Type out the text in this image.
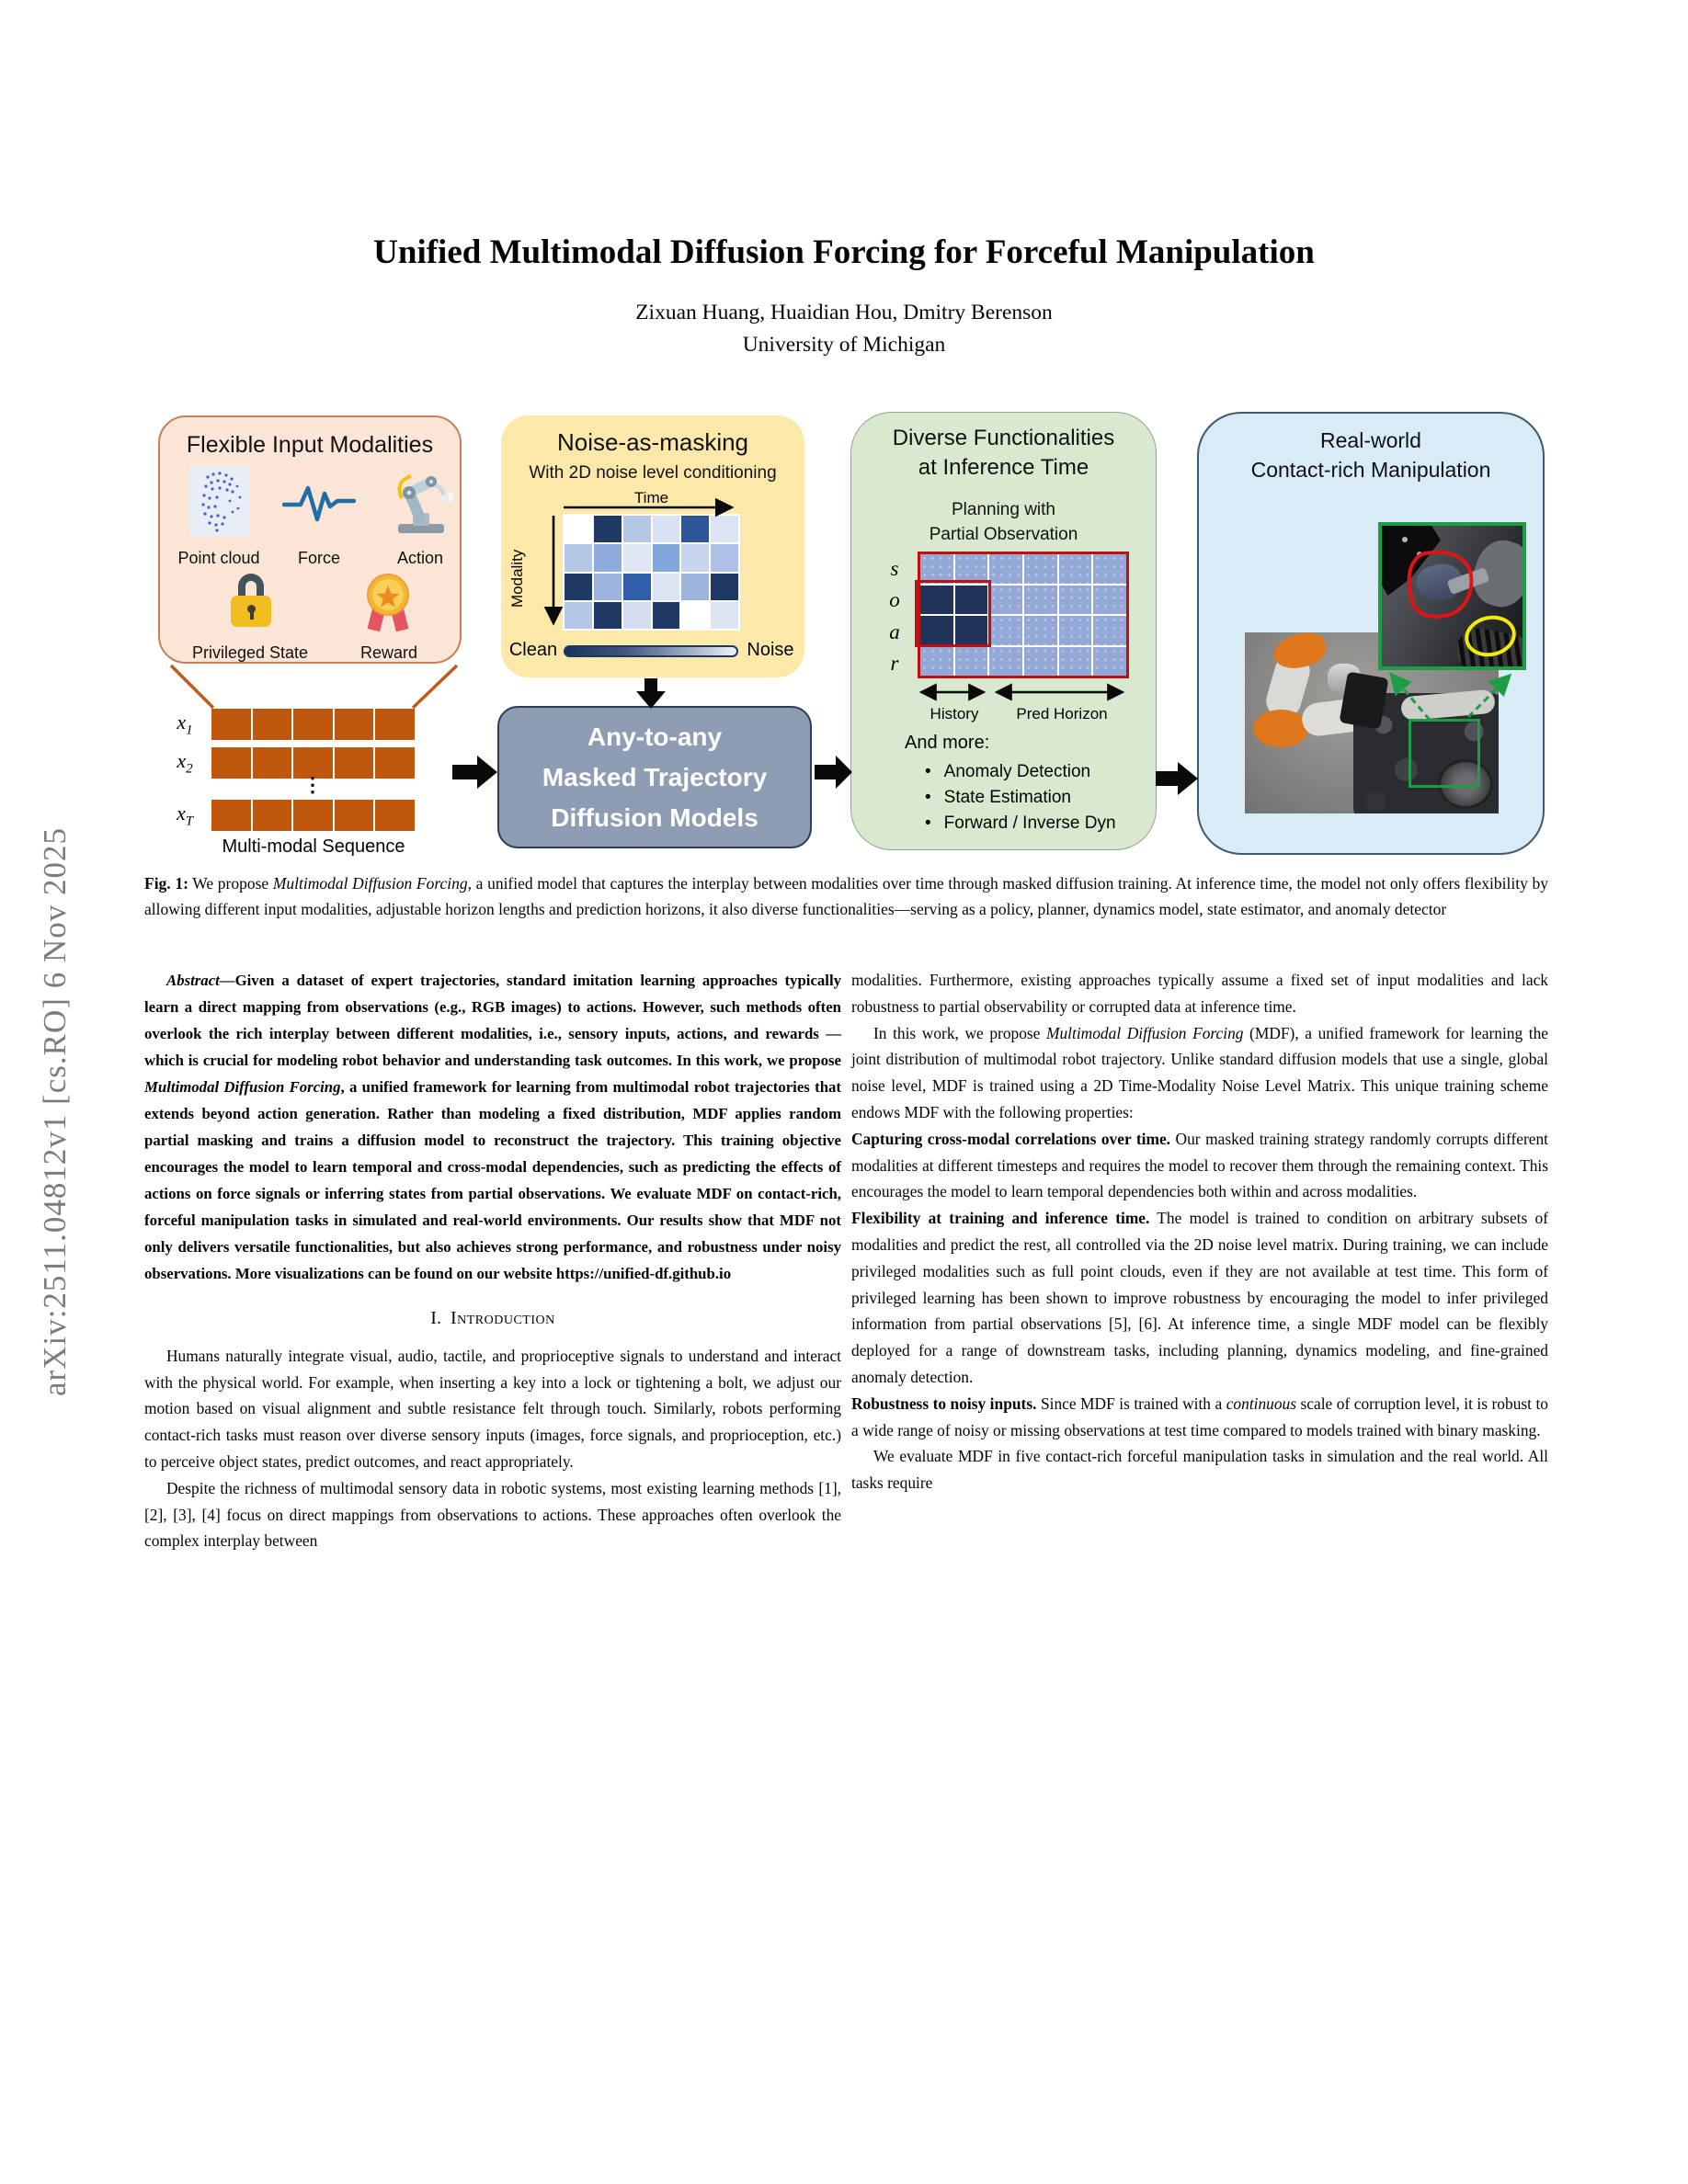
arXiv:2511.04812v1 [cs.RO] 6 Nov 2025
Unified Multimodal Diffusion Forcing for Forceful Manipulation
Zixuan Huang, Huaidian Hou, Dmitry Berenson
University of Michigan
Flexible Input Modalities
Point cloud Force	Action
Privileged State	Reward
Noise-as-masking
With 2D noise level conditioning
Time
Modality
Clean	Noise
Diverse Functionalities
at Inference Time
Planning with
Partial Observation
s
o
a
r
History	Pred Horizon
And more:
• Anomaly Detection
• State Estimation
• Forward / Inverse Dyn
Real-world
Contact-rich Manipulation
Any-to-any
Masked Trajectory
Diffusion Models
$x_1$
$x_2$
⋮
$x_T$
Multi-modal Sequence
Fig. 1: We propose Multimodal Diffusion Forcing, a unified model that captures the interplay between modalities over time through masked diffusion training. At inference time, the model not only offers flexibility by allowing different input modalities, adjustable horizon lengths and prediction horizons, it also diverse functionalities—serving as a policy, planner, dynamics model, state estimator, and anomaly detector

Abstract—Given a dataset of expert trajectories, standard imitation learning approaches typically learn a direct mapping from observations (e.g., RGB images) to actions. However, such methods often overlook the rich interplay between different modalities, i.e., sensory inputs, actions, and rewards — which is crucial for modeling robot behavior and understanding task outcomes. In this work, we propose Multimodal Diffusion Forcing, a unified framework for learning from multimodal robot trajectories that extends beyond action generation. Rather than modeling a fixed distribution, MDF applies random partial masking and trains a diffusion model to reconstruct the trajectory. This training objective encourages the model to learn temporal and cross-modal dependencies, such as predicting the effects of actions on force signals or inferring states from partial observations. We evaluate MDF on contact-rich, forceful manipulation tasks in simulated and real-world environments. Our results show that MDF not only delivers versatile functionalities, but also achieves strong performance, and robustness under noisy observations. More visualizations can be found on our website https://unified-df.github.io

I. Introduction

Humans naturally integrate visual, audio, tactile, and proprioceptive signals to understand and interact with the physical world. For example, when inserting a key into a lock or tightening a bolt, we adjust our motion based on visual alignment and subtle resistance felt through touch. Similarly, robots performing contact-rich tasks must reason over diverse sensory inputs (images, force signals, and proprioception, etc.) to perceive object states, predict outcomes, and react appropriately.

Despite the richness of multimodal sensory data in robotic systems, most existing learning methods [1], [2], [3], [4] focus on direct mappings from observations to actions. These approaches often overlook the complex interplay between

modalities. Furthermore, existing approaches typically assume a fixed set of input modalities and lack robustness to partial observability or corrupted data at inference time.

In this work, we propose Multimodal Diffusion Forcing (MDF), a unified framework for learning the joint distribution of multimodal robot trajectory. Unlike standard diffusion models that use a single, global noise level, MDF is trained using a 2D Time-Modality Noise Level Matrix. This unique training scheme endows MDF with the following properties:

Capturing cross-modal correlations over time. Our masked training strategy randomly corrupts different modalities at different timesteps and requires the model to recover them through the remaining context. This encourages the model to learn temporal dependencies both within and across modalities.

Flexibility at training and inference time. The model is trained to condition on arbitrary subsets of modalities and predict the rest, all controlled via the 2D noise level matrix. During training, we can include privileged modalities such as full point clouds, even if they are not available at test time. This form of privileged learning has been shown to improve robustness by encouraging the model to infer privileged information from partial observations [5], [6]. At inference time, a single MDF model can be flexibly deployed for a range of downstream tasks, including planning, dynamics modeling, and fine-grained anomaly detection.

Robustness to noisy inputs. Since MDF is trained with a continuous scale of corruption level, it is robust to a wide range of noisy or missing observations at test time compared to models trained with binary masking.

We evaluate MDF in five contact-rich forceful manipulation tasks in simulation and the real world. All tasks require
